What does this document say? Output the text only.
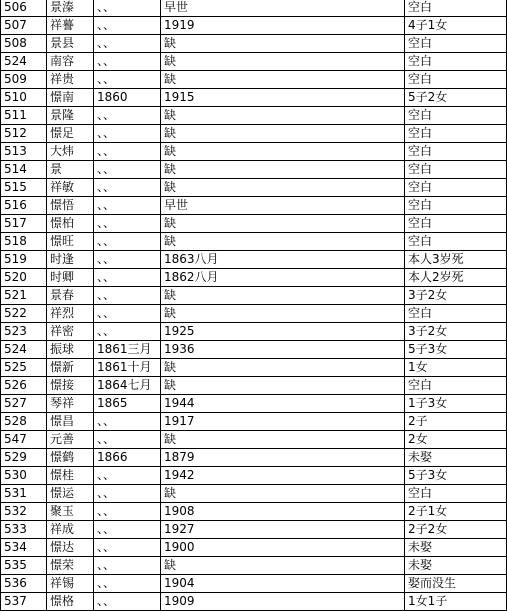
506	景溱	、、	早世	空白
507	祥謩	、、	1919	4子1女
508	景县	、、	缺	空白
524	南容	、、	缺	空白
509	祥贵	、、	缺	空白
510	憬南	1860	1915	5子2女
511	景隆	、、	缺	空白
512	憬足	、、	缺	空白
513	大炜	、、	缺	空白
514	景	、、	缺	空白
515	祥敏	、、	缺	空白
516	憬悟	、、	早世	空白
517	憬柏	、、	缺	空白
518	憬旺	、、	缺	空白
519	时逢	、、	1863八月	本人3岁死
520	时卿	、、	1862八月	本人2岁死
521	景春	、、	缺	3子2女
522	祥烈	、、	缺	空白
523	祥密	、、	1925	3子2女
524	振球	1861三月	1936	5子3女
525	憬新	1861十月	缺	1女
526	憬接	1864七月	缺	空白
527	琴祥	1865	1944	1子3女
528	憬昌	、、	1917	2子
547	元善	、、	缺	2女
529	憬鹤	1866	1879	未娶
530	憬桂	、、	1942	5子3女
531	憬运	、、	缺	空白
532	聚玉	、、	1908	2子1女
533	祥成	、、	1927	2子2女
534	憬达	、、	1900	未娶
535	憬荣	、、	缺	未娶
536	祥锡	、、	1904	娶而没生
537	憬格	、、	1909	1女1子
